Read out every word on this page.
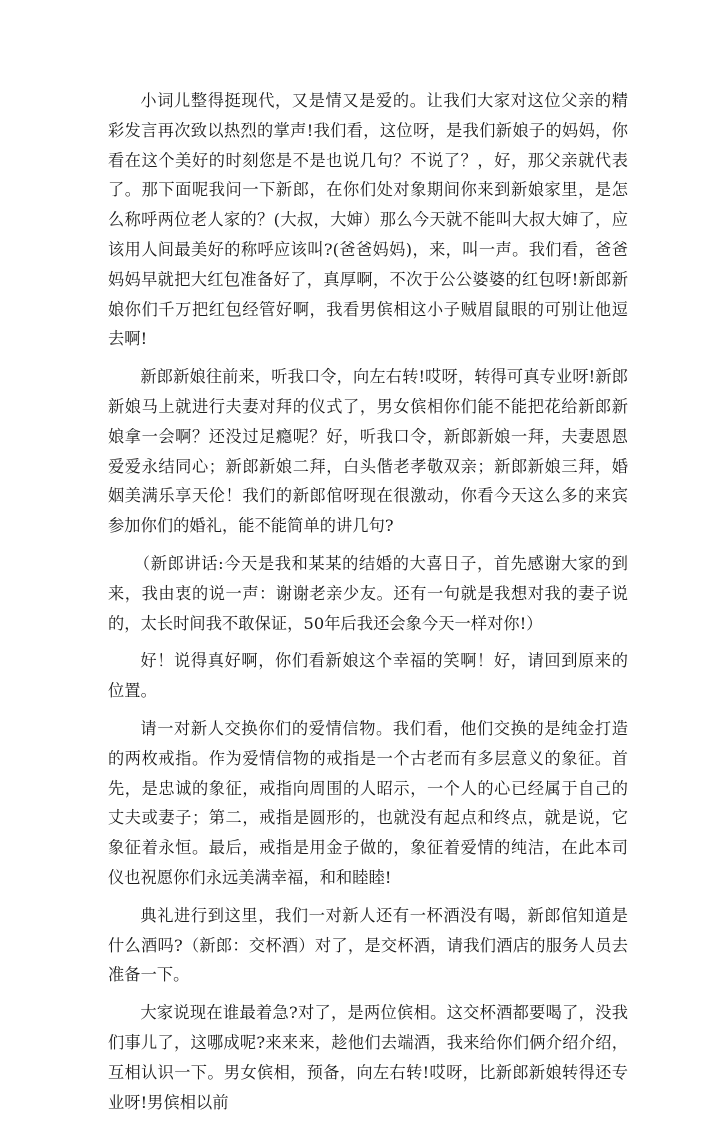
小词儿整得挺现代，又是情又是爱的。让我们大家对这位父亲的精彩发言再次致以热烈的掌声!我们看，这位呀，是我们新娘子的妈妈，你看在这个美好的时刻您是不是也说几句？不说了？，好，那父亲就代表了。那下面呢我问一下新郎，在你们处对象期间你来到新娘家里，是怎么称呼两位老人家的？(大叔，大婶）那么今天就不能叫大叔大婶了，应该用人间最美好的称呼应该叫?(爸爸妈妈)，来，叫一声。我们看，爸爸妈妈早就把大红包准备好了，真厚啊，不次于公公婆婆的红包呀!新郎新娘你们千万把红包经管好啊，我看男傧相这小子贼眉鼠眼的可别让他逗去啊!

新郎新娘往前来，听我口令，向左右转!哎呀，转得可真专业呀!新郎新娘马上就进行夫妻对拜的仪式了，男女傧相你们能不能把花给新郎新娘拿一会啊？还没过足瘾呢？好，听我口令，新郎新娘一拜，夫妻恩恩爱爱永结同心；新郎新娘二拜，白头偕老孝敬双亲；新郎新娘三拜，婚姻美满乐享天伦！我们的新郎倌呀现在很激动，你看今天这么多的来宾参加你们的婚礼，能不能简单的讲几句?

（新郎讲话:今天是我和某某的结婚的大喜日子，首先感谢大家的到来，我由衷的说一声：谢谢老亲少友。还有一句就是我想对我的妻子说的，太长时间我不敢保证，50年后我还会象今天一样对你!）

好！说得真好啊，你们看新娘这个幸福的笑啊！好，请回到原来的位置。

请一对新人交换你们的爱情信物。我们看，他们交换的是纯金打造的两枚戒指。作为爱情信物的戒指是一个古老而有多层意义的象征。首先，是忠诚的象征，戒指向周围的人昭示，一个人的心已经属于自己的丈夫或妻子；第二，戒指是圆形的，也就没有起点和终点，就是说，它象征着永恒。最后，戒指是用金子做的，象征着爱情的纯洁，在此本司仪也祝愿你们永远美满幸福，和和睦睦!

典礼进行到这里，我们一对新人还有一杯酒没有喝，新郎倌知道是什么酒吗?（新郎：交杯酒）对了，是交杯酒，请我们酒店的服务人员去准备一下。

大家说现在谁最着急?对了，是两位傧相。这交杯酒都要喝了，没我们事儿了，这哪成呢?来来来，趁他们去端酒，我来给你们俩介绍介绍，互相认识一下。男女傧相，预备，向左右转!哎呀，比新郎新娘转得还专业呀!男傧相以前
